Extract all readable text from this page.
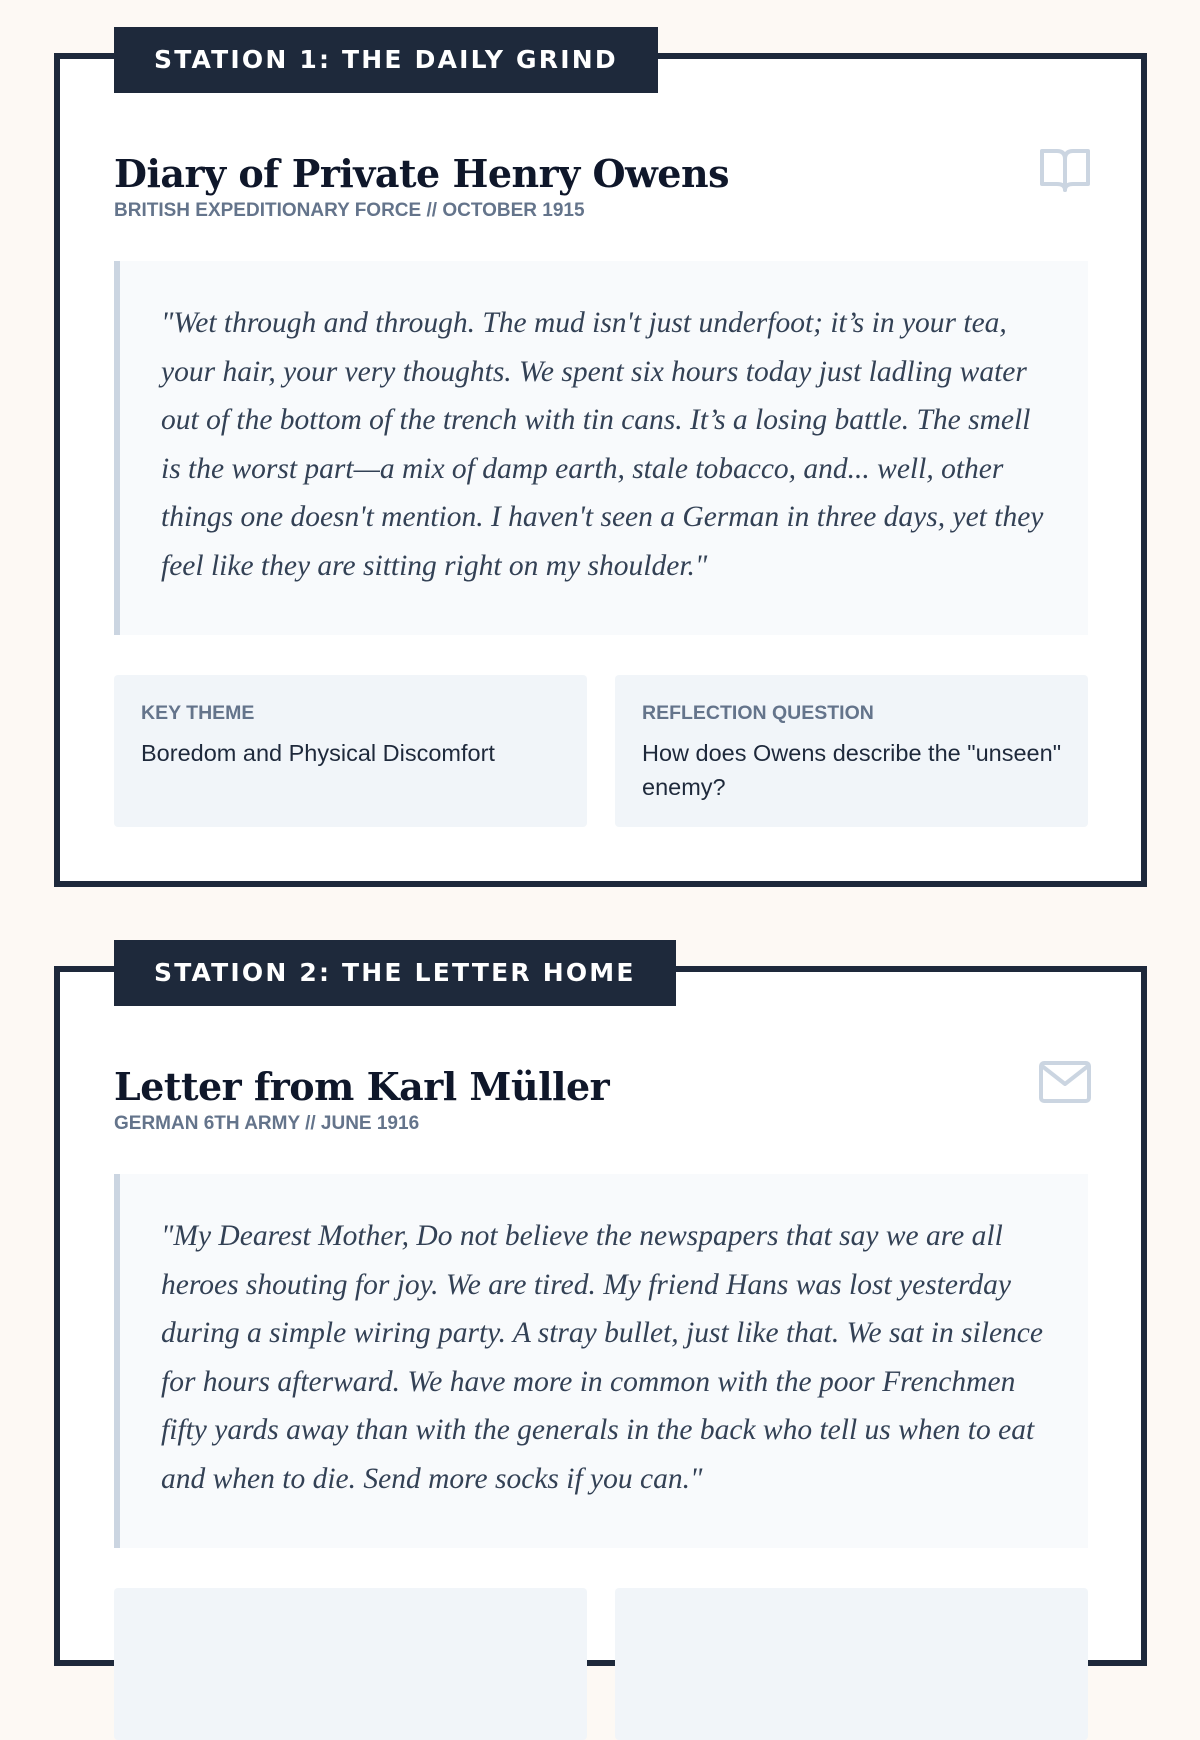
STATION 1: THE DAILY GRIND
Diary of Private Henry Owens
BRITISH EXPEDITIONARY FORCE // OCTOBER 1915

"Wet through and through. The mud isn't just underfoot; it’s in your tea, your hair, your very thoughts. We spent six hours today just ladling water out of the bottom of the trench with tin cans. It’s a losing battle. The smell is the worst part—a mix of damp earth, stale tobacco, and... well, other things one doesn't mention. I haven't seen a German in three days, yet they feel like they are sitting right on my shoulder."

KEY THEME
Boredom and Physical Discomfort
REFLECTION QUESTION
How does Owens describe the "unseen" enemy?
STATION 2: THE LETTER HOME
Letter from Karl Müller
GERMAN 6TH ARMY // JUNE 1916

"My Dearest Mother, Do not believe the newspapers that say we are all heroes shouting for joy. We are tired. My friend Hans was lost yesterday during a simple wiring party. A stray bullet, just like that. We sat in silence for hours afterward. We have more in common with the poor Frenchmen fifty yards away than with the generals in the back who tell us when to eat and when to die. Send more socks if you can."
